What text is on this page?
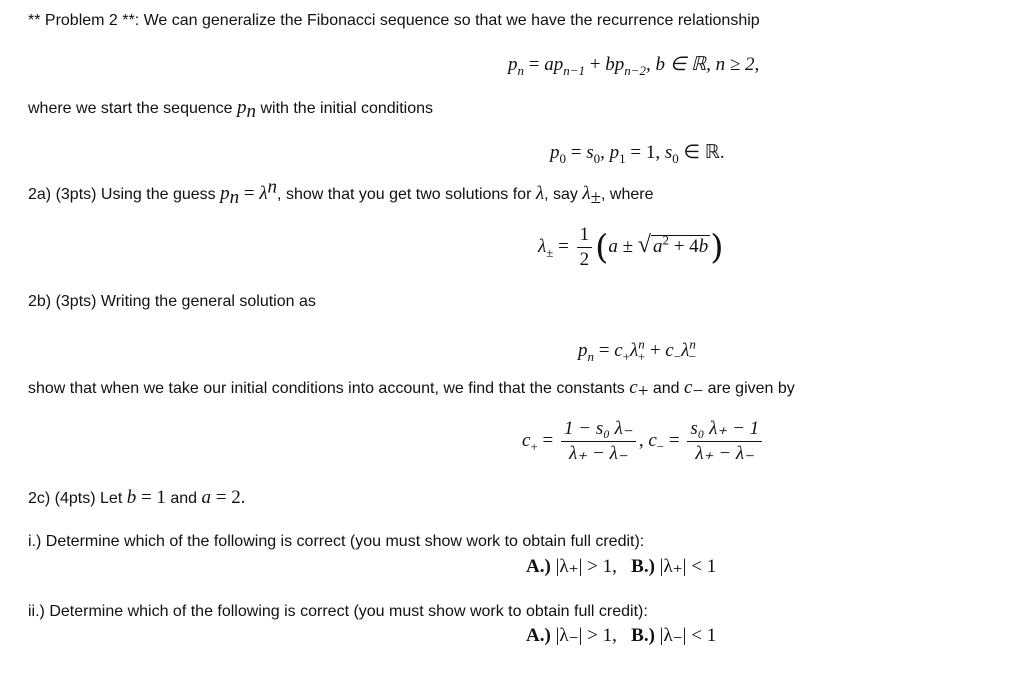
** Problem 2 **: We can generalize the Fibonacci sequence so that we have the recurrence relationship
$p_n = ap_{n-1} + bp_{n-2}$, b ∈ ℝ, n ≥ 2,
where we start the sequence $p_n$ with the initial conditions
$p_0 = s_0$, $p_1 = 1$, $s_0$ ∈ ℝ.
2a) (3pts) Using the guess $p_n = \lambda^n$, show that you get two solutions for λ, say $\lambda_\pm$, where
$\lambda_\pm = \frac{1}{2} (a$ ± √ $a^2 + 4b$)
2b) (3pts) Writing the general solution as
$p_n = c_+\lambda^n_+ + c_-\lambda^n_-$
show that when we take our initial conditions into account, we find that the constants $c_+$ and $c_-$ are given by
$c_+ = \frac{\text{1 − s₀ λ₋}}{\lambda_+ - \lambda_-}$ , $c_- = \frac{\text{s₀ λ₊ − 1}}{\lambda_+ - \lambda_-}$
2c) (4pts) Let b = 1 and a = 2.
i.) Determine which of the following is correct (you must show work to obtain full credit):
A.) |λ₊| > 1, B.) |λ₊| < 1
ii.) Determine which of the following is correct (you must show work to obtain full credit):
A.) |λ₋| > 1, B.) |λ₋| < 1
